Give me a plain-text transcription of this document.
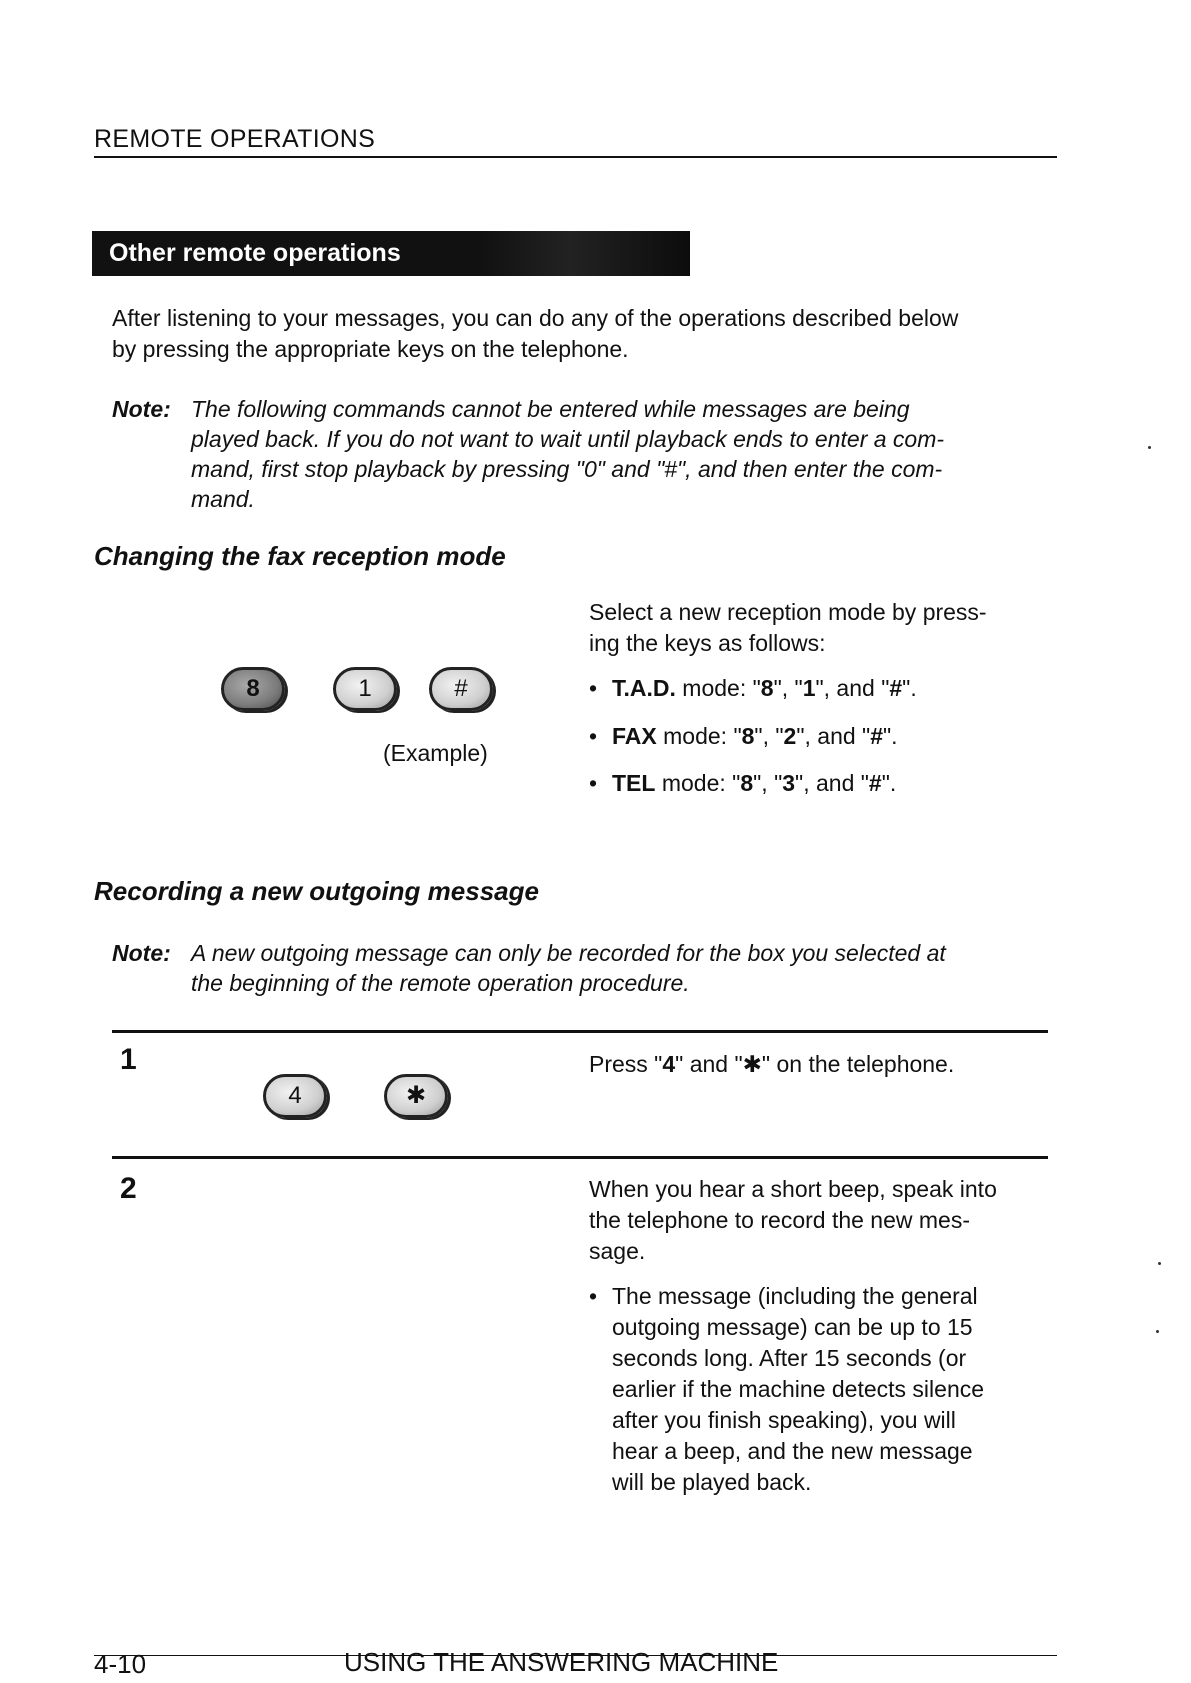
REMOTE OPERATIONS
Other remote operations
After listening to your messages, you can do any of the operations described below
by pressing the appropriate keys on the telephone.
Note: The following commands cannot be entered while messages are being
played back. If you do not want to wait until playback ends to enter a com-
mand, first stop playback by pressing "0" and "#", and then enter the com-
mand.
Changing the fax reception mode
8	1	#
(Example)
Select a new reception mode by press-
ing the keys as follows:
• T.A.D. mode: "8", "1", and "#".
• FAX mode: "8", "2", and "#".
• TEL mode: "8", "3", and "#".
Recording a new outgoing message
Note: A new outgoing message can only be recorded for the box you selected at
the beginning of the remote operation procedure.
1
4	✱
Press "4" and "✱" on the telephone.
2	When you hear a short beep, speak into
the telephone to record the new mes-
sage.
• The message (including the general
outgoing message) can be up to 15
seconds long. After 15 seconds (or
earlier if the machine detects silence
after you finish speaking), you will
hear a beep, and the new message
will be played back.
4-10	USING THE ANSWERING MACHINE
